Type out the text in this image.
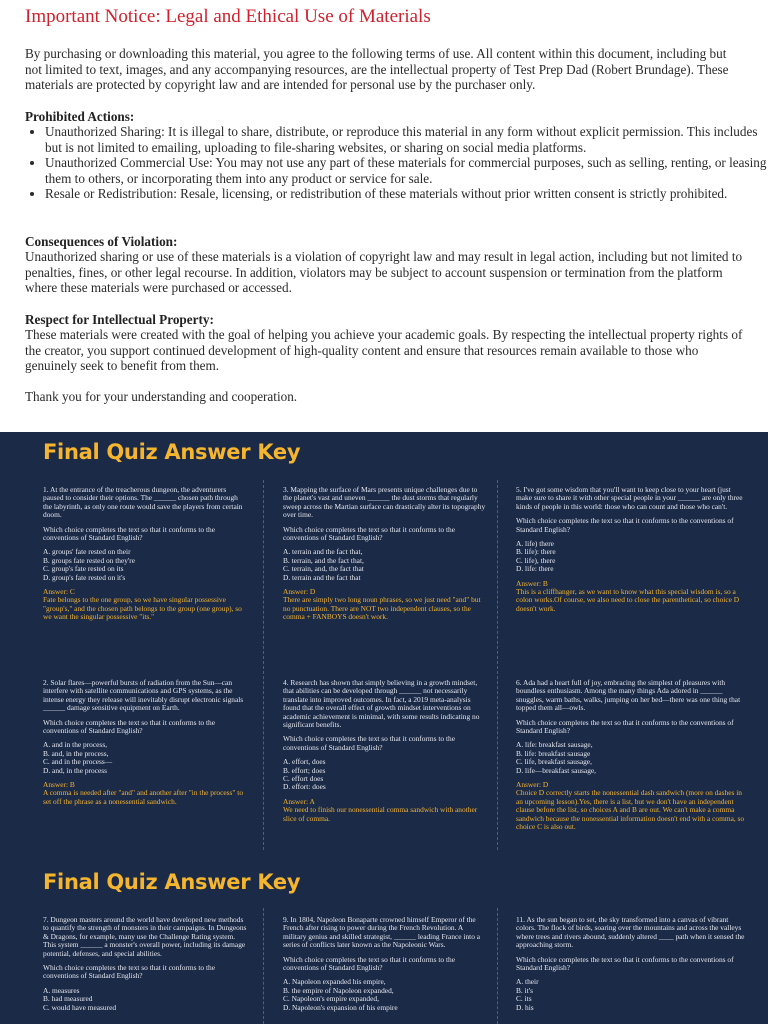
Important Notice: Legal and Ethical Use of Materials
By purchasing or downloading this material, you agree to the following terms of use. All content within this document, including but not limited to text, images, and any accompanying resources, are the intellectual property of Test Prep Dad (Robert Brundage). These materials are protected by copyright law and are intended for personal use by the purchaser only.
Prohibited Actions:
• Unauthorized Sharing: It is illegal to share, distribute, or reproduce this material in any form without explicit permission. This includes but is not limited to emailing, uploading to file-sharing websites, or sharing on social media platforms.
• Unauthorized Commercial Use: You may not use any part of these materials for commercial purposes, such as selling, renting, or leasing them to others, or incorporating them into any product or service for sale.
• Resale or Redistribution: Resale, licensing, or redistribution of these materials without prior written consent is strictly prohibited.
Consequences of Violation:
Unauthorized sharing or use of these materials is a violation of copyright law and may result in legal action, including but not limited to penalties, fines, or other legal recourse. In addition, violators may be subject to account suspension or termination from the platform where these materials were purchased or accessed.
Respect for Intellectual Property:
These materials were created with the goal of helping you achieve your academic goals. By respecting the intellectual property rights of the creator, you support continued development of high-quality content and ensure that resources remain available to those who genuinely seek to benefit from them.
Thank you for your understanding and cooperation.
Final Quiz Answer Key
Final Quiz Answer Key

1. At the entrance of the treacherous dungeon, the adventurers paused to consider their options. The ______ chosen path through the labyrinth, as only one route would save the players from certain doom.

Which choice completes the text so that it conforms to the conventions of Standard English?

A. groups' fate rested on their
B. groups fate rested on they're
C. group's fate rested on its
D. group's fate rested on it's
Answer: C
Fate belongs to the one group, so we have singular possessive "group's," and the chosen path belongs to the group (one group), so we want the singular possessive "its."

3. Mapping the surface of Mars presents unique challenges due to the planet's vast and uneven ______ the dust storms that regularly sweep across the Martian surface can drastically alter its topography over time.

Which choice completes the text so that it conforms to the conventions of Standard English?

A. terrain and the fact that,
B. terrain, and the fact that,
C. terrain, and, the fact that
D. terrain and the fact that
Answer: D
There are simply two long noun phrases, so we just need "and" but no punctuation. There are NOT two independent clauses, so the comma + FANBOYS doesn't work.

5. I've got some wisdom that you'll want to keep close to your heart (just make sure to share it with other special people in your ______ are only three kinds of people in this world: those who can count and those who can't.

Which choice completes the text so that it conforms to the conventions of Standard English?

A. life) there
B. life): there
C. life), there
D. life: there
Answer: B
This is a cliffhanger, as we want to know what this special wisdom is, so a colon works.Of course, we also need to close the parenthetical, so choice D doesn't work.

2. Solar flares—powerful bursts of radiation from the Sun—can interfere with satellite communications and GPS systems, as the intense energy they release will inevitably disrupt electronic signals ______ damage sensitive equipment on Earth.

Which choice completes the text so that it conforms to the conventions of Standard English?

A. and in the process,
B. and, in the process,
C. and in the process—
D. and, in the process
Answer: B
A comma is needed after "and" and another after "in the process" to set off the phrase as a nonessential sandwich.

4. Research has shown that simply believing in a growth mindset, that abilities can be developed through ______ not necessarily translate into improved outcomes. In fact, a 2019 meta-analysis found that the overall effect of growth mindset interventions on academic achievement is minimal, with some results indicating no significant benefits.

Which choice completes the text so that it conforms to the conventions of Standard English?

A. effort, does
B. effort; does
C. effort does
D. effort: does
Answer: A
We need to finish our nonessential comma sandwich with another slice of comma.

6. Ada had a heart full of joy, embracing the simplest of pleasures with boundless enthusiasm. Among the many things Ada adored in ______ snuggles, warm baths, walks, jumping on her bed—there was one thing that topped them all—owls.

Which choice completes the text so that it conforms to the conventions of Standard English?

A. life: breakfast sausage,
B. life: breakfast sausage
C. life, breakfast sausage,
D. life—breakfast sausage,
Answer: D
Choice D correctly starts the nonessential dash sandwich (more on dashes in an upcoming lesson).Yes, there is a list, but we don't have an independent clause before the list, so choices A and B are out. We can't make a comma sandwich because the nonessential information doesn't end with a comma, so choice C is also out.

7. Dungeon masters around the world have developed new methods to quantify the strength of monsters in their campaigns. In Dungeons & Dragons, for example, many use the Challenge Rating system. This system ______ a monster's overall power, including its damage potential, defenses, and special abilities.

Which choice completes the text so that it conforms to the conventions of Standard English?

A. measures
B. had measured
C. would have measured

9. In 1804, Napoleon Bonaparte crowned himself Emperor of the French after rising to power during the French Revolution. A military genius and skilled strategist, ______ leading France into a series of conflicts later known as the Napoleonic Wars.

Which choice completes the text so that it conforms to the conventions of Standard English?

A. Napoleon expanded his empire,
B. the empire of Napoleon expanded,
C. Napoleon's empire expanded,
D. Napoleon's expansion of his empire

11. As the sun began to set, the sky transformed into a canvas of vibrant colors. The flock of birds, soaring over the mountains and across the valleys where trees and rivers abound, suddenly altered ____ path when it sensed the approaching storm.

Which choice completes the text so that it conforms to the conventions of Standard English?

A. their
B. it's
C. its
D. his
